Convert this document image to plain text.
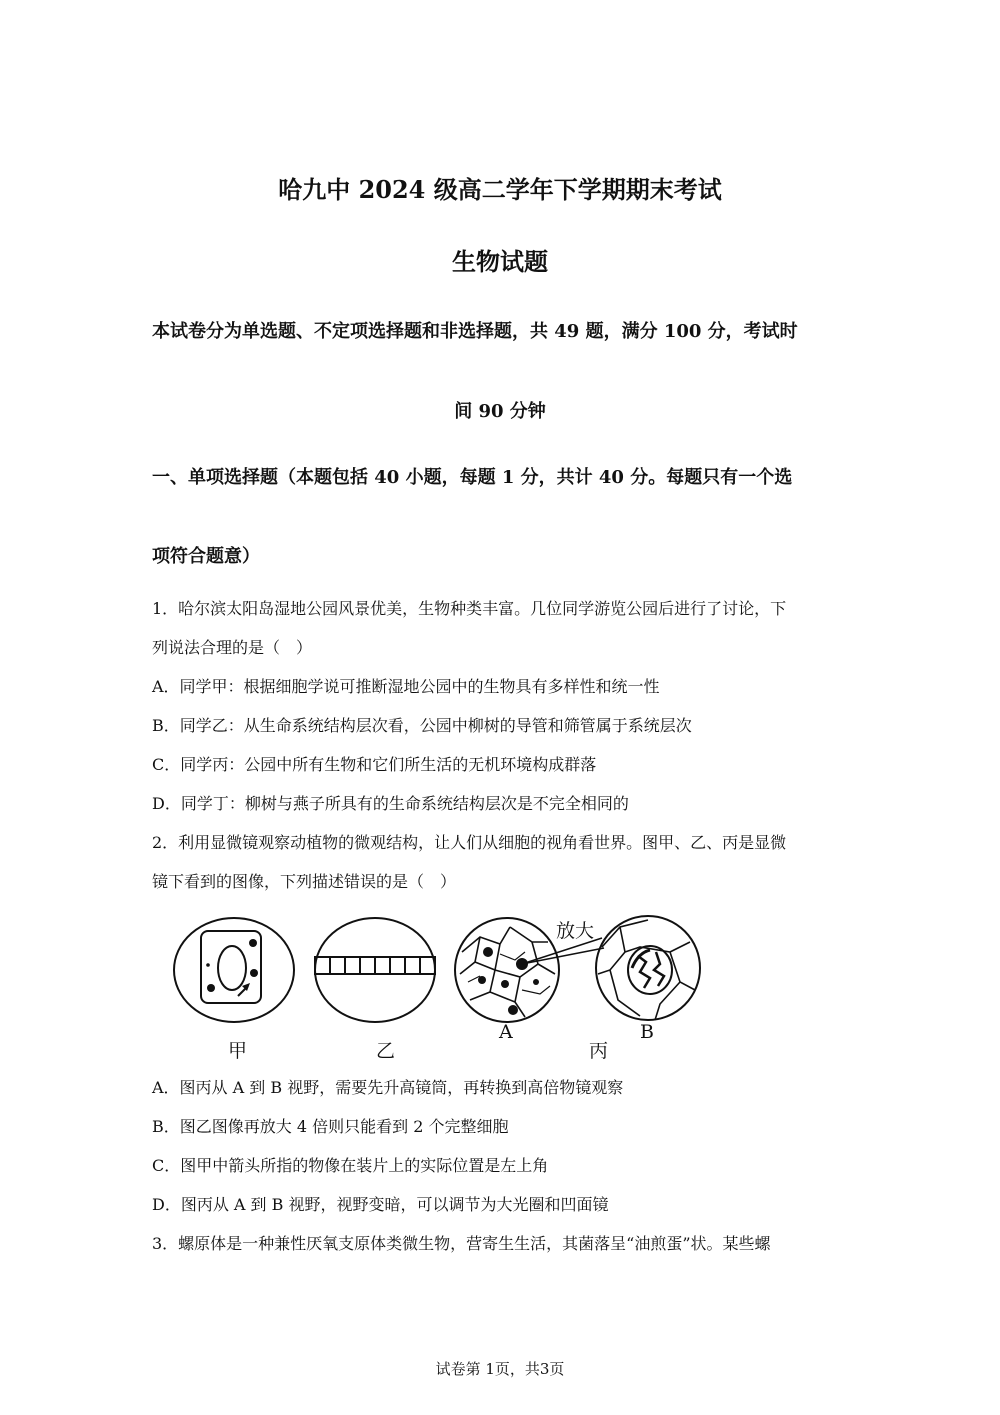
哈九中 2024 级高二学年下学期期末考试
生物试题
本试卷分为单选题、不定项选择题和非选择题，共 49 题，满分 100 分，考试时
间 90 分钟
一、单项选择题（本题包括 40 小题，每题 1 分，共计 40 分。每题只有一个选
项符合题意）
1．哈尔滨太阳岛湿地公园风景优美，生物种类丰富。几位同学游览公园后进行了讨论，下
列说法合理的是（　）
A．同学甲：根据细胞学说可推断湿地公园中的生物具有多样性和统一性
B．同学乙：从生命系统结构层次看，公园中柳树的导管和筛管属于系统层次
C．同学丙：公园中所有生物和它们所生活的无机环境构成群落
D．同学丁：柳树与燕子所具有的生命系统结构层次是不完全相同的
2．利用显微镜观察动植物的微观结构，让人们从细胞的视角看世界。图甲、乙、丙是显微
镜下看到的图像，下列描述错误的是（　）
甲	乙
A
丙
B
放大
A．图丙从 A 到 B 视野，需要先升高镜筒，再转换到高倍物镜观察
B．图乙图像再放大 4 倍则只能看到 2 个完整细胞
C．图甲中箭头所指的物像在装片上的实际位置是左上角
D．图丙从 A 到 B 视野，视野变暗，可以调节为大光圈和凹面镜
3．螺原体是一种兼性厌氧支原体类微生物，营寄生生活，其菌落呈“油煎蛋”状。某些螺
试卷第 1页，共3页
